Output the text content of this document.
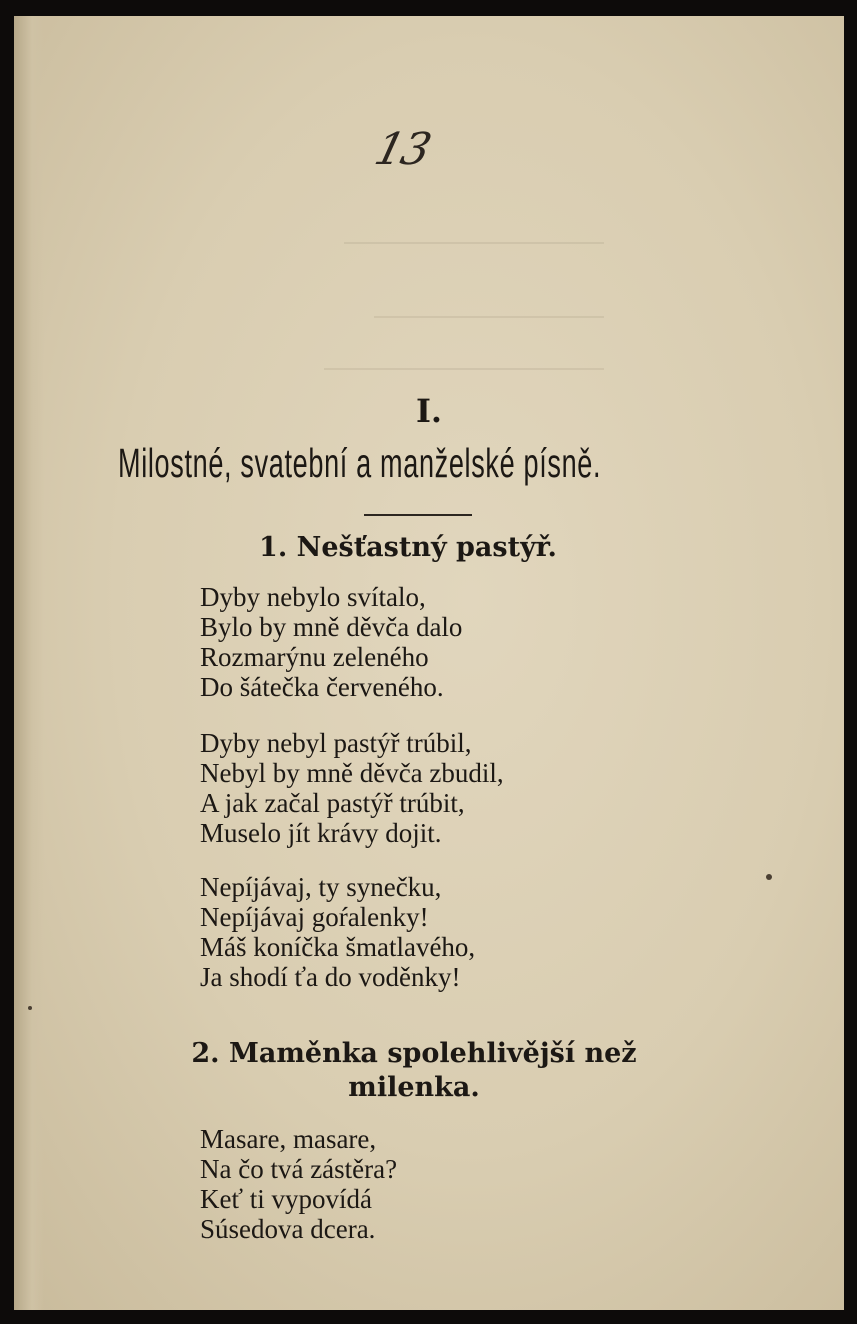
13
I.
Milostné, svatební a manželské písně.
1. Nešťastný pastýř.
Dyby nebylo svítalo,
Bylo by mně děvča dalo
Rozmarýnu zeleného
Do šátečka červeného.
Dyby nebyl pastýř trúbil,
Nebyl by mně děvča zbudil,
A jak začal pastýř trúbit,
Muselo jít krávy dojit.
Nepíjávaj, ty synečku,
Nepíjávaj goŕalenky!
Máš koníčka šmatlavého,
Ja shodí ťa do voděnky!
2. Maměnka spolehlivější než
milenka.
Masare, masare,
Na čo tvá zástěra?
Keť ti vypovídá
Súsedova dcera.
